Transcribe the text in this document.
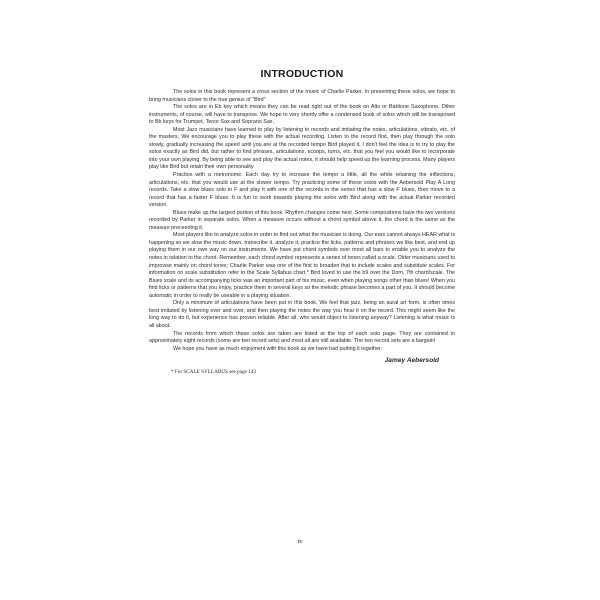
INTRODUCTION

The solos in this book represent a cross section of the music of Charlie Parker. In presenting these solos, we hope to bring musicians closer to the true genius of ''Bird''

The solos are in Eb key which means they can be read right out of the book on Alto or Baritone Saxophone. Other instruments, of course, will have to transpose. We hope to very shortly offer a condensed book of solos which will be transposed to Bb keys for Trumpet, Tenor Sax and Soprano Sax.

Most Jazz musicians have learned to play by listening to records and imitating the notes, articulations, vibrato, etc. of the masters. We encourage you to play these with the actual recording. Listen to the record first, then play through the solo slowly, gradually increasing the speed until you are at the recorded tempo Bird played it. I don't feel the idea is to try to play the solos exactly as Bird did, but rather to find phrases, articulations, scoops, turns, etc. that you feel you would like to incorporate into your own playing. By being able to see and play the actual notes, it should help speed up the learning process. Many players play like Bird but retain their own personality.

Practice with a metronome. Each day try to increase the tempo a little, all the while retaining the inflections, articulations, etc. that you would use at the slower tempo. Try practicing some of these solos with the Aebersold Play A Long records. Take a slow blues solo in F and play it with one of the records in the series that has a slow F blues, then move to a record that has a faster F blues. It is fun to work towards playing the solos with Bird along with the actual Parker recorded version.

Blues make up the largest portion of this book. Rhythm changes come next. Some compositions have the two versions recorded by Parker in separate solos. When a measure occurs without a chord symbol above it, the chord is the same as the measure preceeding it.

Most players like to analyze solos in order to find out what the musician is doing. Our ears cannot always HEAR what is happening so we slow the music down, transcribe it, analyze it, practice the licks, patterns and phrases we like best, and end up playing them in our own way on our instruments. We have put chord symbols over most all bars to enable you to analyze the notes in relation to the chord. Remember, each chord symbol represents a series of tones called a scale. Older musicians used to improvise mainly on chord tones; Charlie Parker was one of the first to broaden that to include scales and substitute scales. For information on scale substitution refer to the Scale Syllabus chart.* Bird loved to use the b9 over the Dom. 7th chord/scale. The Blues scale and its accompanying licks was an important part of his music, even when playing songs other than blues! When you find licks or patterns that you enjoy, practice them in several keys so the melodic phrase becomes a part of you. It should become automatic in order to really be useable in a playing situation.

Only a minimum of articulations have been put in this book. We feel that jazz, being an aural art form, is often times best imitated by listening over and over, and then playing the notes the way you hear it on the record. This might seem like the long way to do it, but experience has proven reliable. After all, who would object to listening anyway? Listening is what music is all about.

The records from which these solos are taken are listed at the top of each solo page. They are contained in approximately eight records (some are two record sets) and most all are still available. The two record sets are a bargain!

We hope you have as much enjoyment with this book as we have had putting it together.

Jamey Aebersold
* For SCALE SYLLABUS see page 143
iv
